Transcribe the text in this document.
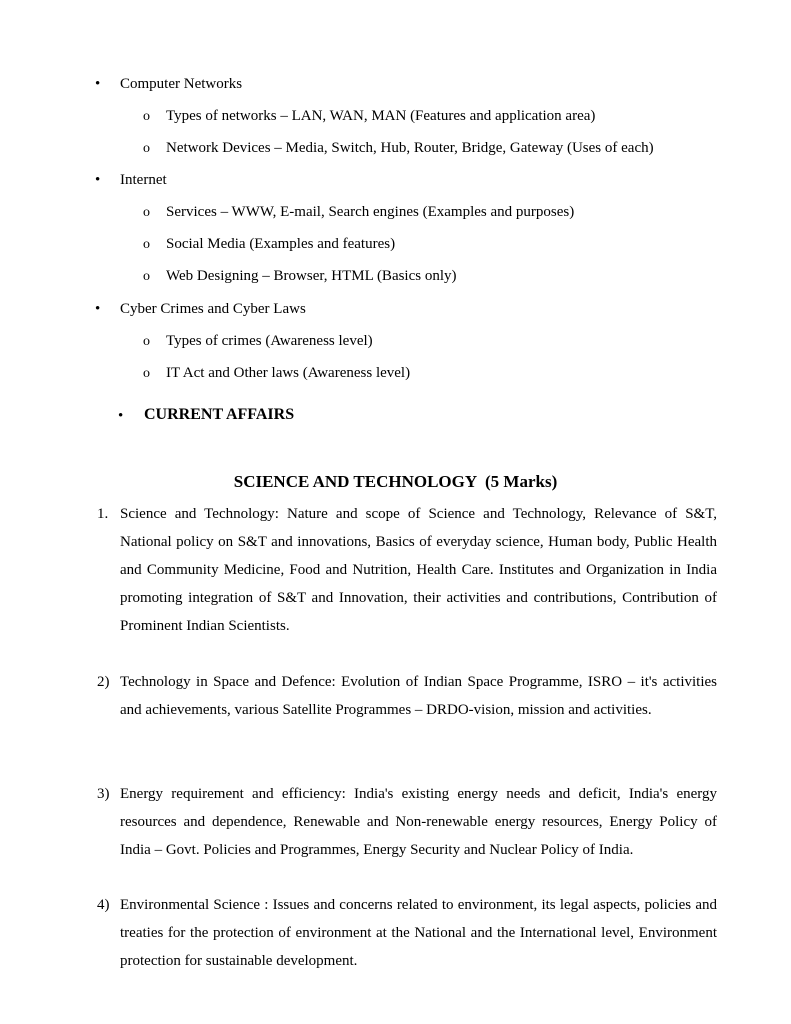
• Computer Networks
o Types of networks – LAN, WAN, MAN (Features and application area)
o Network Devices – Media, Switch, Hub, Router, Bridge, Gateway (Uses of each)
• Internet
o Services – WWW, E-mail, Search engines (Examples and purposes)
o Social Media (Examples and features)
o Web Designing – Browser, HTML (Basics only)
• Cyber Crimes and Cyber Laws
o Types of crimes (Awareness level)
o IT Act and Other laws (Awareness level)
• CURRENT AFFAIRS
SCIENCE AND TECHNOLOGY  (5 Marks)
1. Science and Technology: Nature and scope of Science and Technology, Relevance of S&T, National policy on S&T and innovations, Basics of everyday science, Human body, Public Health and Community Medicine, Food and Nutrition, Health Care. Institutes and Organization in India promoting integration of S&T and Innovation, their activities and contributions, Contribution of Prominent Indian Scientists.
2) Technology in Space and Defence: Evolution of Indian Space Programme, ISRO – it's activities and achievements, various Satellite Programmes – DRDO-vision, mission and activities.
3) Energy requirement and efficiency: India's existing energy needs and deficit, India's energy resources and dependence, Renewable and Non-renewable energy resources, Energy Policy of India – Govt. Policies and Programmes, Energy Security and Nuclear Policy of India.
4) Environmental Science : Issues and concerns related to environment, its legal aspects, policies and treaties for the protection of environment at the National and the International level, Environment protection for sustainable development.
